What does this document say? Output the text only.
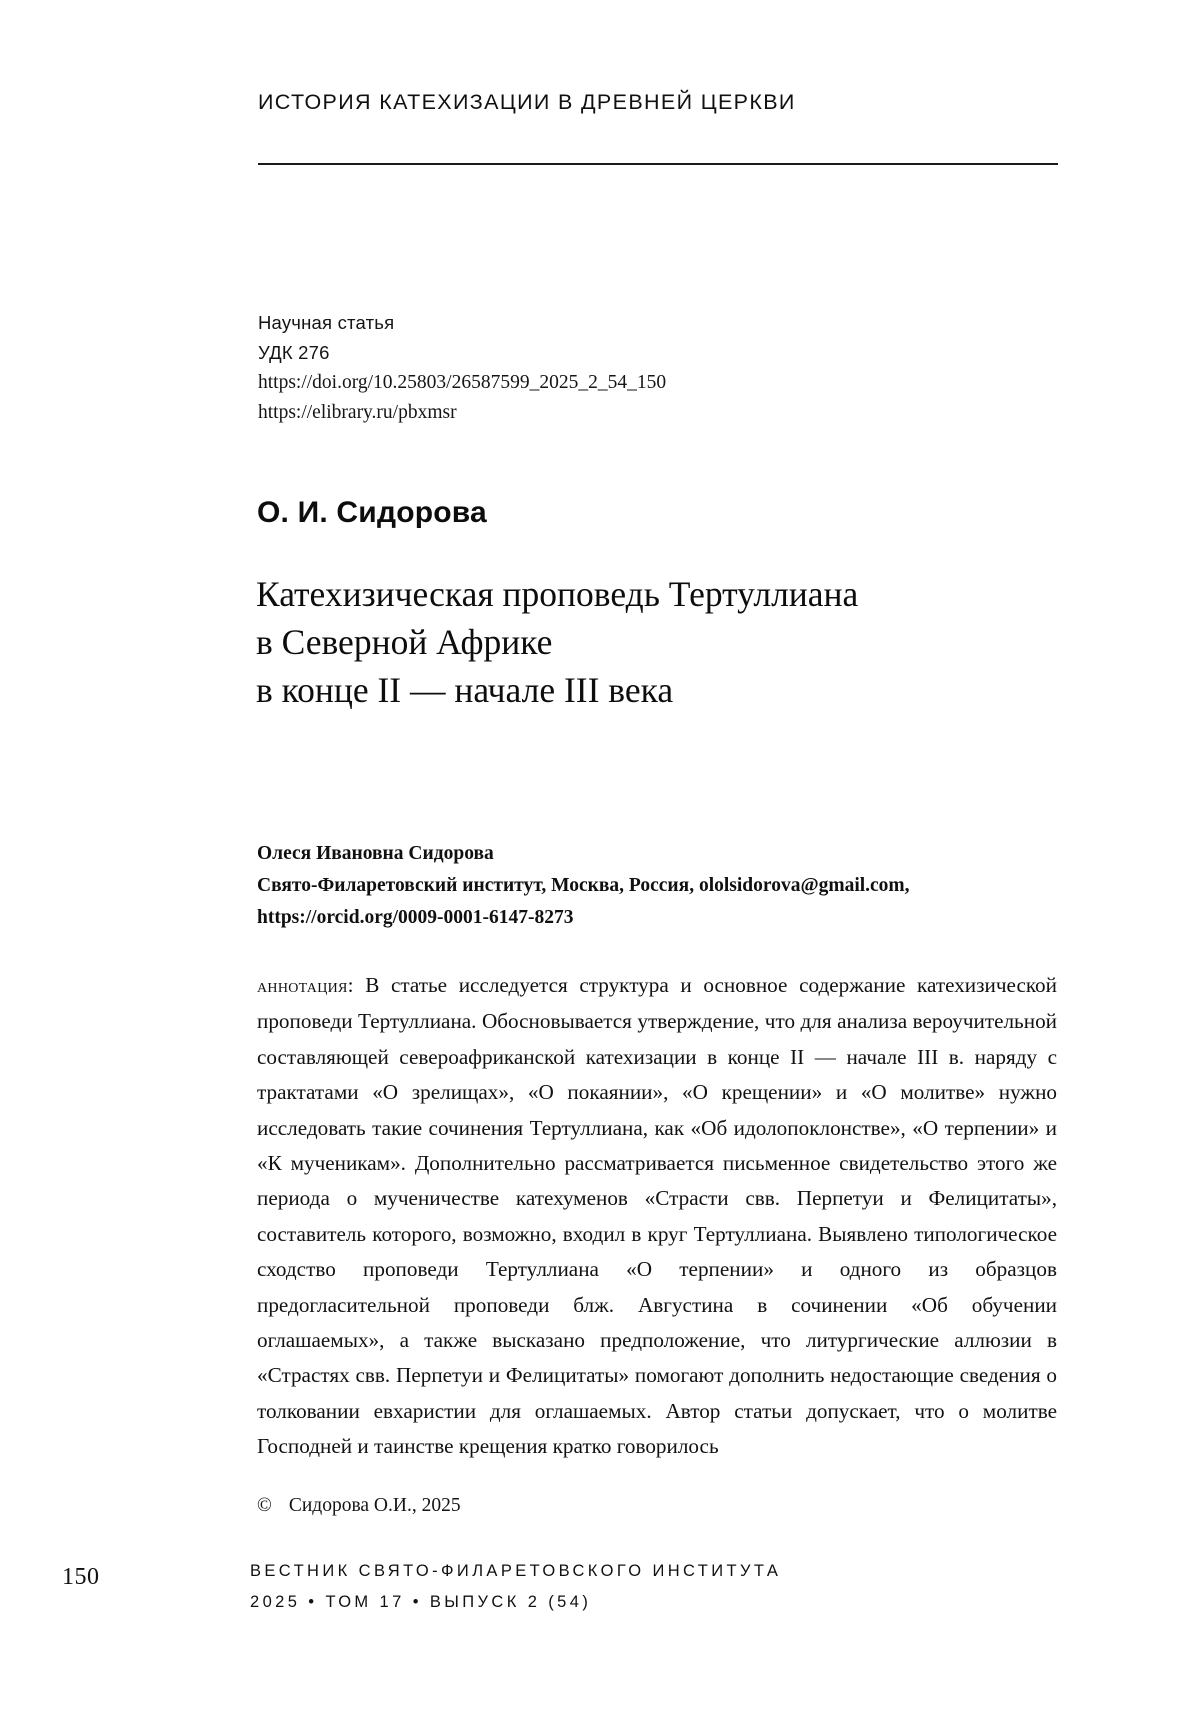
ИСТОРИЯ КАТЕХИЗАЦИИ В ДРЕВНЕЙ ЦЕРКВИ
Научная статья
УДК 276
https://doi.org/10.25803/26587599_2025_2_54_150
https://elibrary.ru/pbxmsr
О. И. Сидорова
Катехизическая проповедь Тертуллиана
в Северной Африке
в конце II — начале III века
Олеся Ивановна Сидорова
Свято-Филаретовский институт, Москва, Россия, ololsidorova@gmail.com,
https://orcid.org/0009-0001-6147-8273
аннотация: В статье исследуется структура и основное содержание катехизической проповеди Тертуллиана. Обосновывается утверждение, что для анализа вероучительной составляющей североафриканской катехизации в конце II — начале III в. наряду с трактатами «О зрелищах», «О покаянии», «О крещении» и «О молитве» нужно исследовать такие сочинения Тертуллиана, как «Об идолопоклонстве», «О терпении» и «К мученикам». Дополнительно рассматривается письменное свидетельство этого же периода о мученичестве катехуменов «Страсти свв. Перпетуи и Фелицитаты», составитель которого, возможно, входил в круг Тертуллиана. Выявлено типологическое сходство проповеди Тертуллиана «О терпении» и одного из образцов предогласительной проповеди блж. Августина в сочинении «Об обучении оглашаемых», а также высказано предположение, что литургические аллюзии в «Страстях свв. Перпетуи и Фелицитаты» помогают дополнить недостающие сведения о толковании евхаристии для оглашаемых. Автор статьи допускает, что о молитве Господней и таинстве крещения кратко говорилось
© Сидорова О.И., 2025
150	ВЕСТНИК СВЯТО-ФИЛАРЕТОВСКОГО ИНСТИТУТА
2025 • ТОМ 17 • ВЫПУСК 2 (54)
